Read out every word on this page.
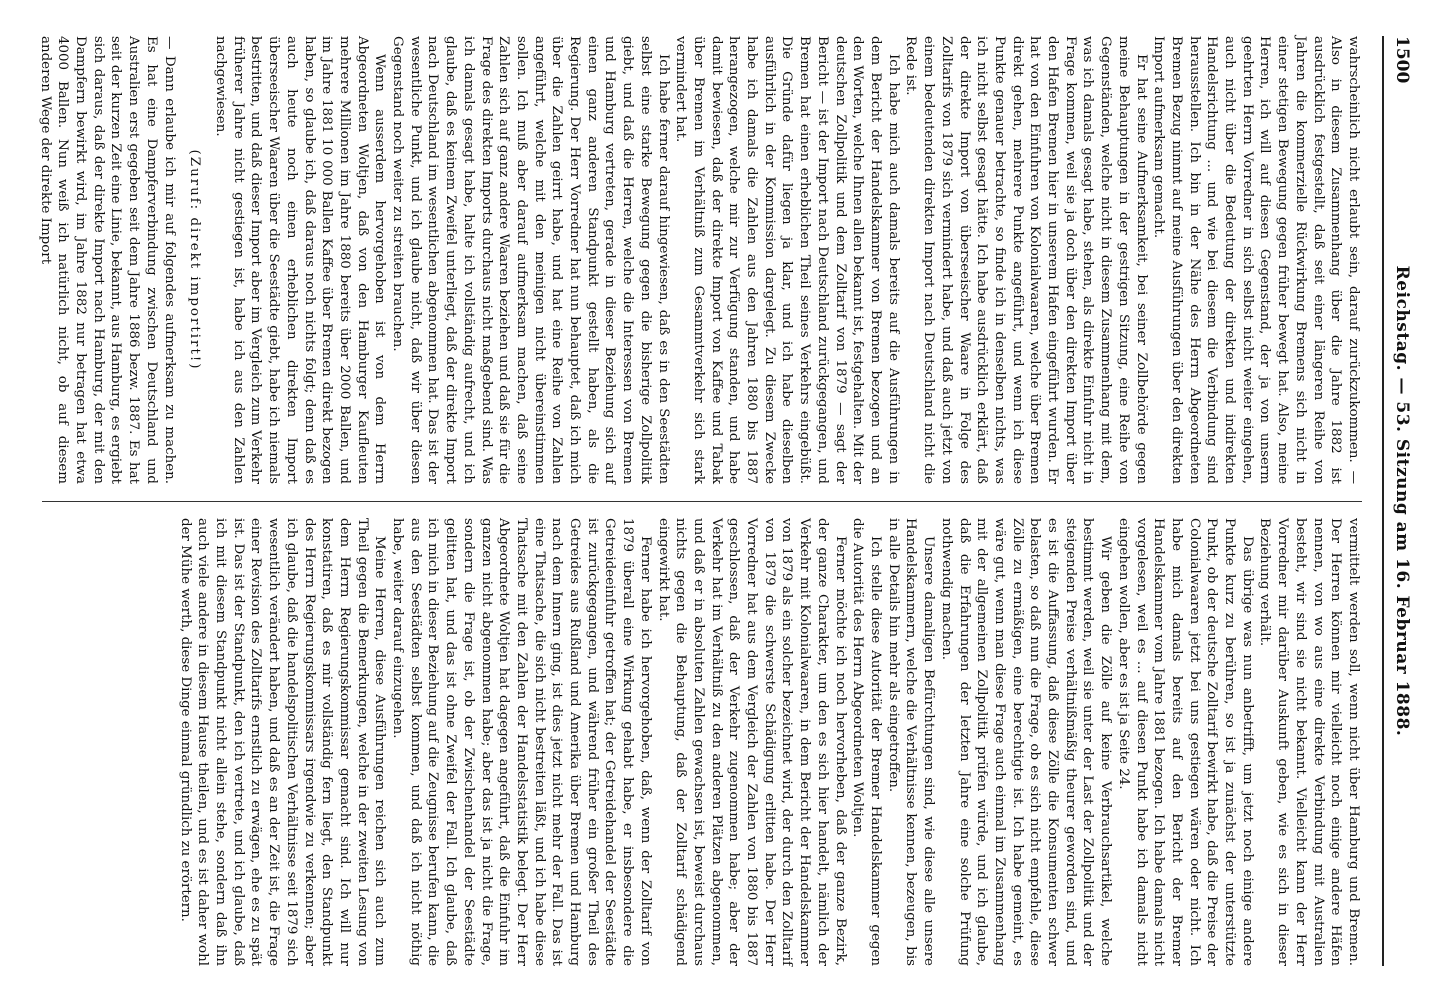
1500
Reichstag. — 53. Sitzung am 16. Februar 1888.

wahrscheinlich nicht erlaubt sein, darauf zurückzukommen. — Also in diesem Zusammenhang über die Jahre 1882 ist ausdrücklich festgestellt, daß seit einer längeren Reihe von Jahren die kommerzielle Rückwirkung Bremens sich nicht in einer stetigen Bewegung gegen früher bewegt hat. Also, meine Herren, ich will auf diesen Gegenstand, der ja von unserm geehrten Herrn Vorredner in sich selbst nicht weiter eingehen, auch nicht über die Bedeutung der direkten und indirekten Handelsrichtung ... und wie bei diesem die Verbindung sind herausstellen. Ich bin in der Nähe des Herrn Abgeordneten Bremen Bezug nimmt auf meine Ausführungen über den direkten Import aufmerksam gemacht.

Er hat seine Aufmerksamkeit, bei seiner Zollbehörde gegen meine Behauptungen in der gestrigen Sitzung, eine Reihe von Gegenständen, welche nicht in diesem Zusammenhang mit dem, was ich damals gesagt habe, stehen, als direkte Einfuhr nicht in Frage kommen, weil sie ja doch über den direkten Import über den Hafen Bremen hier in unserem Hafen eingeführt wurden. Er hat von den Einfuhren von Kolonialwaaren, welche über Bremen direkt gehen, mehrere Punkte angeführt, und wenn ich diese Punkte genauer betrachte, so finde ich in denselben nichts, was ich nicht selbst gesagt hätte. Ich habe ausdrücklich erklärt, daß der direkte Import von überseeischer Waare in Folge des Zolltarifs von 1879 sich vermindert habe, und daß auch jetzt von einem bedeutenden direkten Import nach Deutschland nicht die Rede ist.

Ich habe mich auch damals bereits auf die Ausführungen in dem Bericht der Handelskammer von Bremen bezogen und an den Worten, welche Ihnen allen bekannt ist, festgehalten. Mit der deutschen Zollpolitik und dem Zolltarif von 1879 — sagt der Bericht — ist der Import nach Deutschland zurückgegangen, und Bremen hat einen erheblichen Theil seines Verkehrs eingebüßt. Die Gründe dafür liegen ja klar, und ich habe dieselben ausführlich in der Kommission dargelegt. Zu diesem Zwecke habe ich damals die Zahlen aus den Jahren 1880 bis 1887 herangezogen, welche mir zur Verfügung standen, und habe damit bewiesen, daß der direkte Import von Kaffee und Tabak über Bremen im Verhältniß zum Gesammtverkehr sich stark vermindert hat.

Ich habe ferner darauf hingewiesen, daß es in den Seestädten selbst eine starke Bewegung gegen die bisherige Zollpolitik giebt, und daß die Herren, welche die Interessen von Bremen und Hamburg vertreten, gerade in dieser Beziehung sich auf einen ganz anderen Standpunkt gestellt haben, als die Regierung. Der Herr Vorredner hat nun behauptet, daß ich mich über die Zahlen geirrt habe, und hat eine Reihe von Zahlen angeführt, welche mit den meinigen nicht übereinstimmen sollen. Ich muß aber darauf aufmerksam machen, daß seine Zahlen sich auf ganz andere Waaren beziehen und daß sie für die Frage des direkten Imports durchaus nicht maßgebend sind. Was ich damals gesagt habe, halte ich vollständig aufrecht, und ich glaube, daß es keinem Zweifel unterliegt, daß der direkte Import nach Deutschland im wesentlichen abgenommen hat. Das ist der wesentliche Punkt, und ich glaube nicht, daß wir über diesen Gegenstand noch weiter zu streiten brauchen.

Wenn ausserdem hervorgehoben ist von dem Herrn Abgeordneten Woltjen, daß von den Hamburger Kaufleuten mehrere Millionen im Jahre 1880 bereits über 2000 Ballen, und im Jahre 1881 10 000 Ballen Kaffee über Bremen direkt bezogen haben, so glaube ich, daß daraus noch nichts folgt; denn daß es auch heute noch einen erheblichen direkten Import überseeischer Waaren über die Seestädte giebt, habe ich niemals bestritten, und daß dieser Import aber im Vergleich zum Verkehr früherer Jahre nicht gestiegen ist, habe ich aus den Zahlen nachgewiesen.

(Zuruf: direkt importirt!)

— Dann erlaube ich mir auf folgendes aufmerksam zu machen. Es hat eine Dampferverbindung zwischen Deutschland und Australien erst gegeben seit dem Jahre 1886 bezw. 1887. Es hat seit der kurzen Zeit eine Linie, bekannt, aus Hamburg, es ergiebt sich daraus, daß der direkte Import nach Hamburg, der mit den Dampfern bewirkt wird, im Jahre 1882 nur betragen hat etwa 4000 Ballen. Nun weiß ich natürlich nicht, ob auf diesem anderen Wege der direkte Import

vermittelt werden soll, wenn nicht über Hamburg und Bremen. Der Herren können mir vielleicht noch einige andere Häfen nennen, von wo aus eine direkte Verbindung mit Australien besteht, wir sind sie nicht bekannt. Vielleicht kann der Herr Vorredner mir darüber Auskunft geben, wie es sich in dieser Beziehung verhält.

Das übrige was nun anbetrifft, um jetzt noch einige andere Punkte kurz zu berühren, so ist ja zunächst der unterstützte Punkt, ob der deutsche Zolltarif bewirkt habe, daß die Preise der Colonialwaaren jetzt bei uns gestiegen wären oder nicht. Ich habe mich damals bereits auf den Bericht der Bremer Handelskammer vom Jahre 1881 bezogen. Ich habe damals nicht vorgelesen, weil es ... auf diesen Punkt habe ich damals nicht eingehen wollen, aber es ist ja Seite 24.

Wir geben die Zölle auf keine Verbrauchsartikel, welche bestimmt werden, weil sie unter der Last der Zollpolitik und der steigenden Preise verhältnißmäßig theurer geworden sind, und es ist die Auffassung, daß diese Zölle die Konsumenten schwer belasten, so daß nun die Frage, ob es sich nicht empfehle, diese Zölle zu ermäßigen, eine berechtigte ist. Ich habe gemeint, es wäre gut, wenn man diese Frage auch einmal im Zusammenhang mit der allgemeinen Zollpolitik prüfen würde, und ich glaube, daß die Erfahrungen der letzten Jahre eine solche Prüfung nothwendig machen.

Unsere damaligen Befürchtungen sind, wie diese alle unsere Handelskammern, welche die Verhältnisse kennen, bezeugen, bis in alle Details hin mehr als eingetroffen.

Ich stelle diese Autorität der Bremer Handelskammer gegen die Autorität des Herrn Abgeordneten Woltjen.

Ferner möchte ich noch hervorheben, daß der ganze Bezirk, der ganze Charakter, um den es sich hier handelt, nämlich der Verkehr mit Kolonialwaaren, in dem Bericht der Handelskammer von 1879 als ein solcher bezeichnet wird, der durch den Zolltarif von 1879 die schwerste Schädigung erlitten habe. Der Herr Vorredner hat aus dem Vergleich der Zahlen von 1880 bis 1887 geschlossen, daß der Verkehr zugenommen habe; aber der Verkehr hat im Verhältniß zu den anderen Plätzen abgenommen, und daß er in absoluten Zahlen gewachsen ist, beweist durchaus nichts gegen die Behauptung, daß der Zolltarif schädigend eingewirkt hat.

Ferner habe ich hervorgehoben, daß, wenn der Zolltarif von 1879 überall eine Wirkung gehabt habe, er insbesondere die Getreideeinfuhr getroffen hat; der Getreidehandel der Seestädte ist zurückgegangen, und während früher ein großer Theil des Getreides aus Rußland und Amerika über Bremen und Hamburg nach dem Innern ging, ist dies jetzt nicht mehr der Fall. Das ist eine Thatsache, die sich nicht bestreiten läßt, und ich habe diese Thatsache mit den Zahlen der Handelsstatistik belegt. Der Herr Abgeordnete Woltjen hat dagegen angeführt, daß die Einfuhr im ganzen nicht abgenommen habe; aber das ist ja nicht die Frage, sondern die Frage ist, ob der Zwischenhandel der Seestädte gelitten hat, und das ist ohne Zweifel der Fall. Ich glaube, daß ich mich in dieser Beziehung auf die Zeugnisse berufen kann, die aus den Seestädten selbst kommen, und daß ich nicht nöthig habe, weiter darauf einzugehen.

Meine Herren, diese Ausführungen reichen sich auch zum Theil gegen die Bemerkungen, welche in der zweiten Lesung von dem Herrn Regierungskommissar gemacht sind. Ich will nur konstatiren, daß es mir vollständig fern liegt, den Standpunkt des Herrn Regierungskommissars irgendwie zu verkennen; aber ich glaube, daß die handelspolitischen Verhältnisse seit 1879 sich wesentlich verändert haben, und daß es an der Zeit ist, die Frage einer Revision des Zolltarifs ernstlich zu erwägen, ehe es zu spät ist. Das ist der Standpunkt, den ich vertrete, und ich glaube, daß ich mit diesem Standpunkt nicht allein stehe, sondern daß ihn auch viele andere in diesem Hause theilen, und es ist daher wohl der Mühe werth, diese Dinge einmal gründlich zu erörtern.
